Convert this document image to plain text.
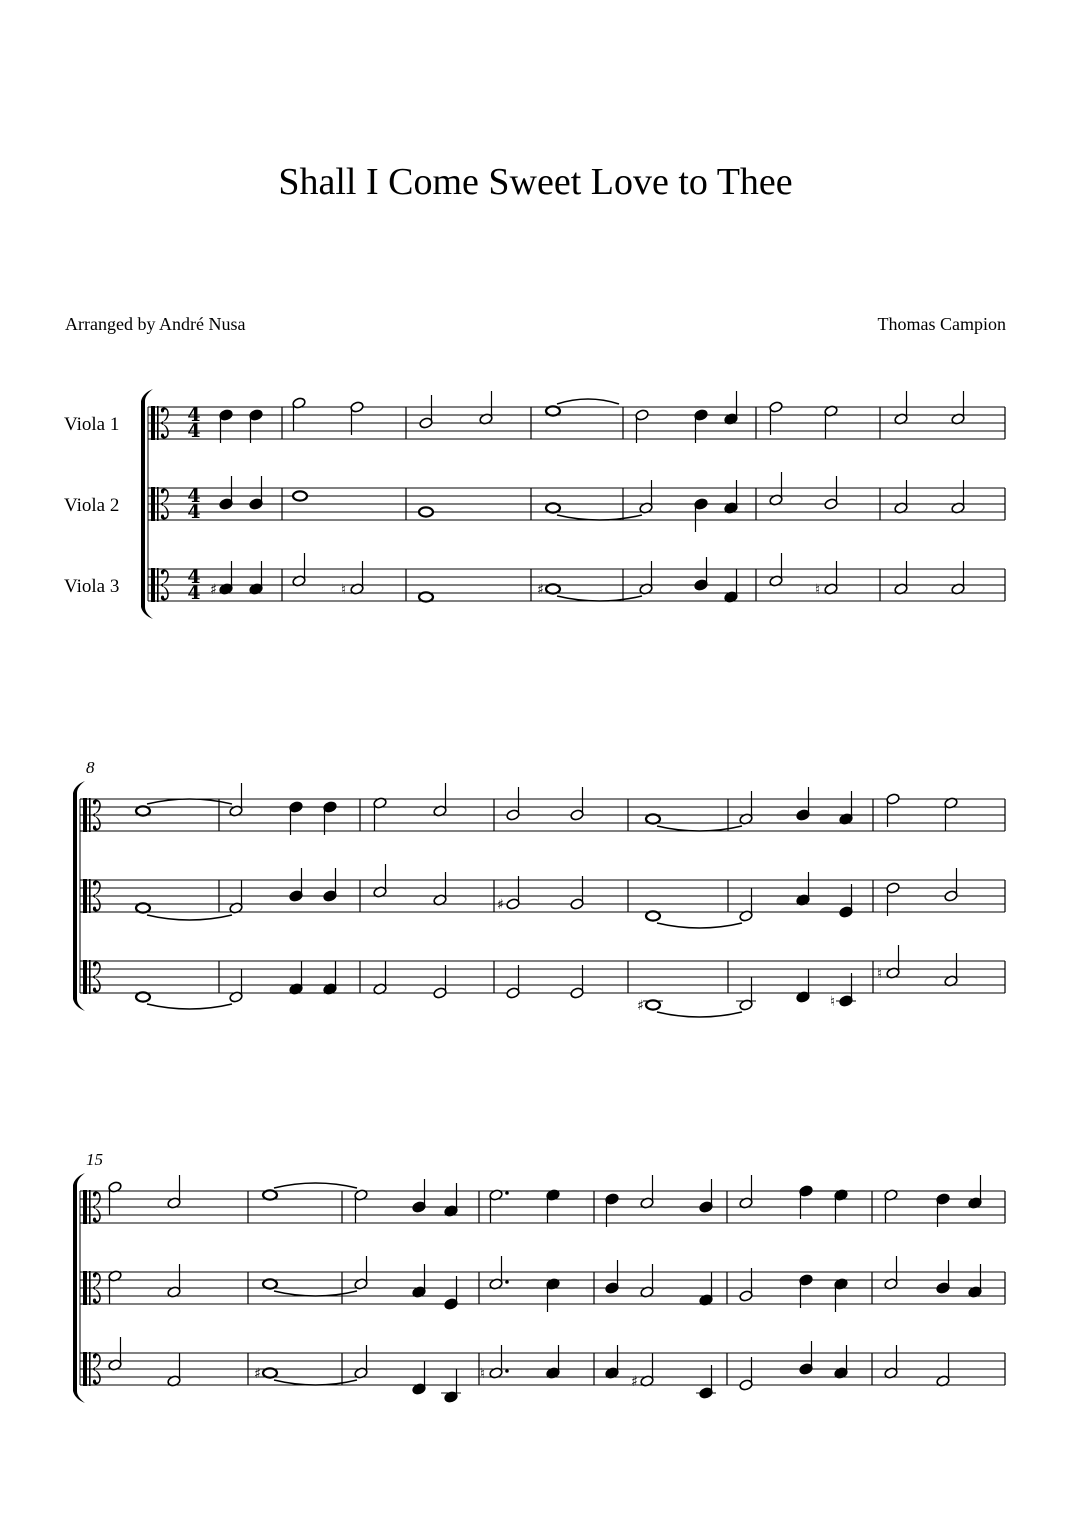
Shall I Come Sweet Love to Thee
Arranged by André Nusa	Thomas Campion
Viola 1
Viola 2
Viola 3
8
15
4
4
4
4
4
4 ♯	♮	♯	♮
♯
♯	♮
♮
♯	♮	♯
